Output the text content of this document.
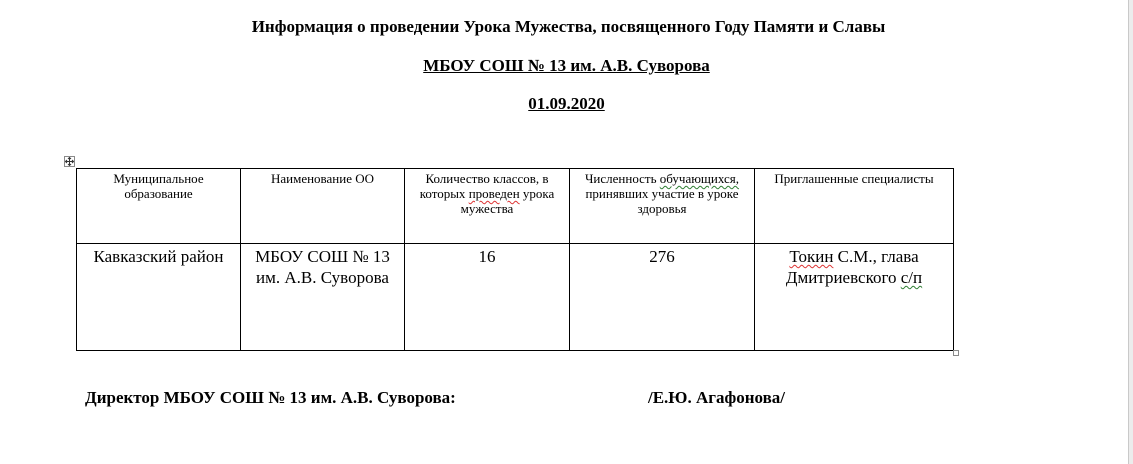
Информация о проведении Урока Мужества, посвященного Году Памяти и Славы
МБОУ СОШ № 13 им. А.В. Суворова
01.09.2020
Муниципальное образование	Наименование ОО	Количество классов, в которых проведен урока мужества	Численность обучающихся, принявших участие в уроке здоровья	Приглашенные специалисты
Кавказский район	МБОУ СОШ № 13 им. А.В. Суворова	16	276	Токин С.М., глава Дмитриевского с/п
Директор МБОУ СОШ № 13 им. А.В. Суворова:	/Е.Ю. Агафонова/
